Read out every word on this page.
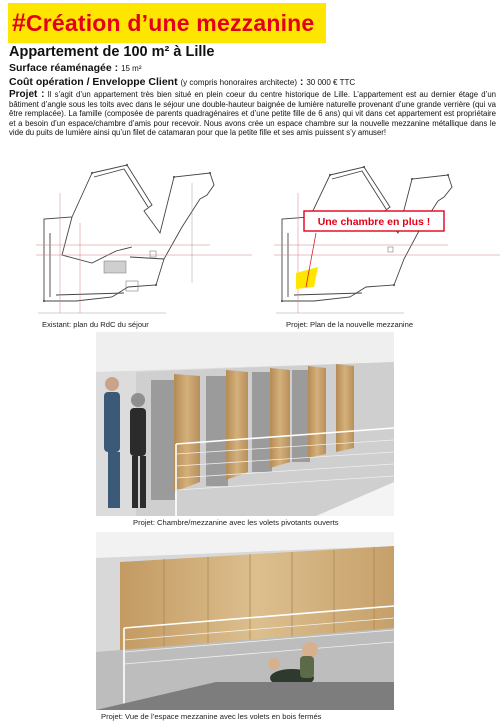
# Création d’une mezzanine
Appartement de 100 m² à Lille
Surface réaménagée : 15 m²
Coût opération / Enveloppe Client (y compris honoraires architecte) : 30 000 € TTC
Projet : Il s’agit d’un appartement très bien situé en plein coeur du centre historique de Lille. L’appartement est au dernier étage d’un bâtiment d’angle sous les toits avec dans le séjour une double-hauteur baignée de lumière naturelle provenant d’une grande verrière (qui va être remplacée). La famille (composée de parents quadragénaires et d’une petite fille de 6 ans) qui vit dans cet appartement est propriétaire et a besoin d’un espace/chambre d’amis pour recevoir. Nous avons crée un espace chambre sur la nouvelle mezzanine métallique dans le vide du puits de lumière ainsi qu’un filet de catamaran pour que la petite fille et ses amis puissent s’y amuser!
Une chambre en plus !
Existant: plan du RdC du séjour	Projet: Plan de la nouvelle mezzanine
Projet: Chambre/mezzanine avec les volets pivotants ouverts
Projet: Vue de l’espace mezzanine avec les volets en bois fermés
